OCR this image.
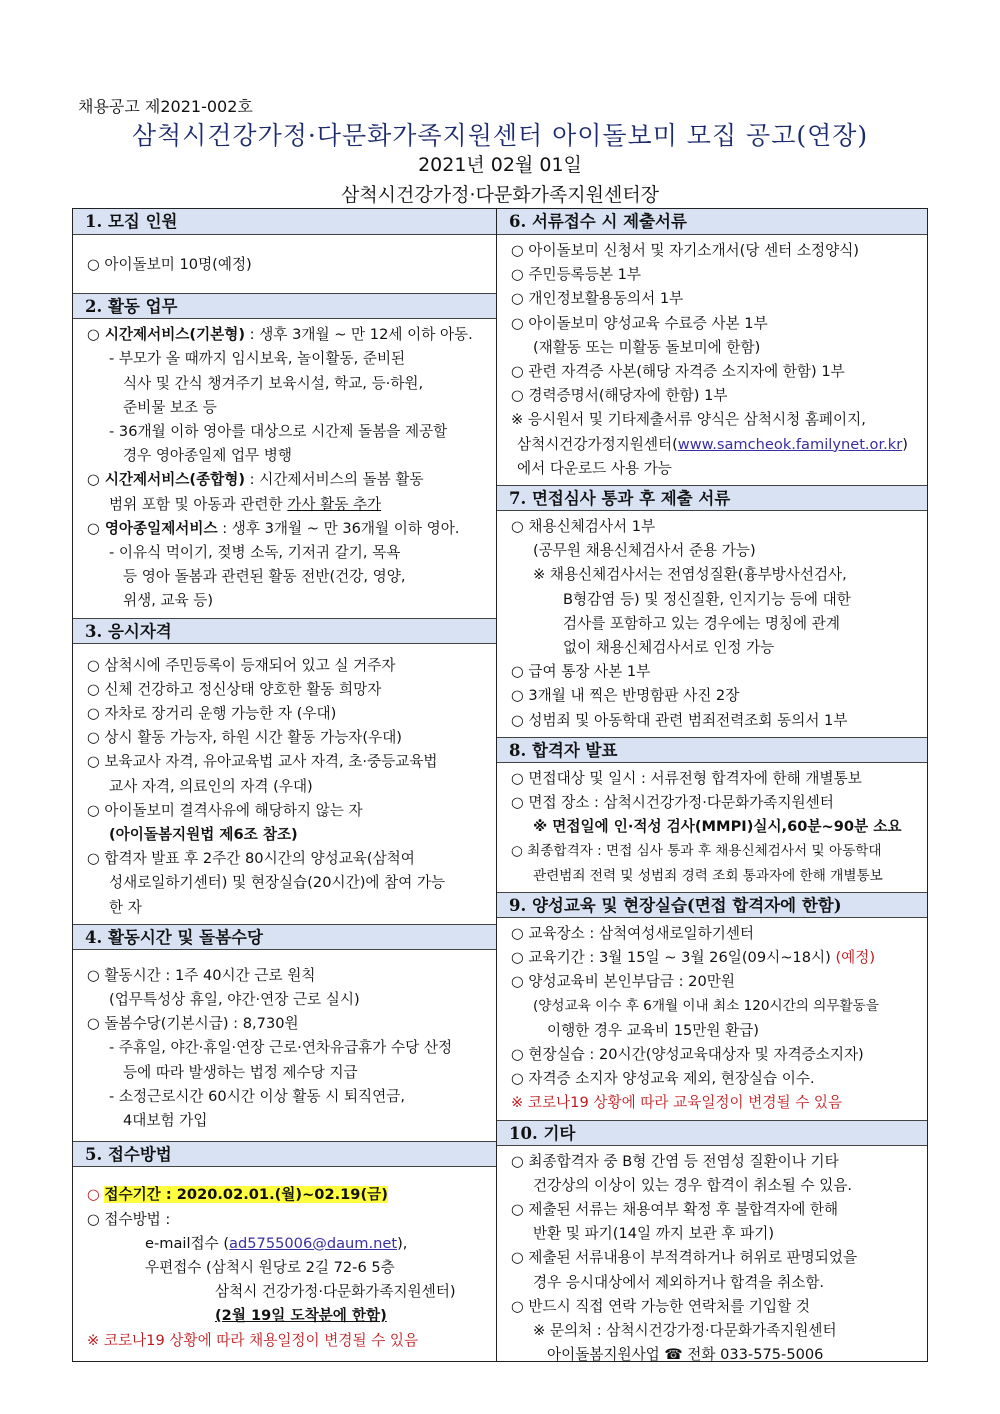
채용공고 제2021-002호
삼척시건강가정·다문화가족지원센터 아이돌보미 모집 공고(연장)
2021년 02월 01일
삼척시건강가정·다문화가족지원센터장
1. 모집 인원
○ 아이돌보미 10명(예정)
2. 활동 업무
○ 시간제서비스(기본형) : 생후 3개월 ~ 만 12세 이하 아동.
- 부모가 올 때까지 임시보육, 놀이활동, 준비된
식사 및 간식 챙겨주기 보육시설, 학교, 등·하원,
준비물 보조 등
- 36개월 이하 영아를 대상으로 시간제 돌봄을 제공할
경우 영아종일제 업무 병행
○ 시간제서비스(종합형) : 시간제서비스의 돌봄 활동
범위 포함 및 아동과 관련한 가사 활동 추가
○ 영아종일제서비스 : 생후 3개월 ~ 만 36개월 이하 영아.
- 이유식 먹이기, 젖병 소독, 기저귀 갈기, 목욕
등 영아 돌봄과 관련된 활동 전반(건강, 영양,
위생, 교육 등)
3. 응시자격
○ 삼척시에 주민등록이 등재되어 있고 실 거주자
○ 신체 건강하고 정신상태 양호한 활동 희망자
○ 자차로 장거리 운행 가능한 자 (우대)
○ 상시 활동 가능자, 하원 시간 활동 가능자(우대)
○ 보육교사 자격, 유아교육법 교사 자격, 초·중등교육법
교사 자격, 의료인의 자격 (우대)
○ 아이돌보미 결격사유에 해당하지 않는 자
(아이돌봄지원법 제6조 참조)
○ 합격자 발표 후 2주간 80시간의 양성교육(삼척여
성새로일하기센터) 및 현장실습(20시간)에 참여 가능
한 자
4. 활동시간 및 돌봄수당
○ 활동시간 : 1주 40시간 근로 원칙
(업무특성상 휴일, 야간·연장 근로 실시)
○ 돌봄수당(기본시급) : 8,730원
- 주휴일, 야간·휴일·연장 근로·연차유급휴가 수당 산정
등에 따라 발생하는 법정 제수당 지급
- 소정근로시간 60시간 이상 활동 시 퇴직연금,
4대보험 가입
5. 접수방법
○ 접수기간 : 2020.02.01.(월)~02.19(금)
○ 접수방법 :
e-mail접수 (ad5755006@daum.net),
우편접수 (삼척시 원당로 2길 72-6 5층
삼척시 건강가정·다문화가족지원센터)
(2월 19일 도착분에 한함)
※ 코로나19 상황에 따라 채용일정이 변경될 수 있음
6. 서류접수 시 제출서류
○ 아이돌보미 신청서 및 자기소개서(당 센터 소정양식)
○ 주민등록등본 1부
○ 개인정보활용동의서 1부
○ 아이돌보미 양성교육 수료증 사본 1부
(재활동 또는 미활동 돌보미에 한함)
○ 관련 자격증 사본(해당 자격증 소지자에 한함) 1부
○ 경력증명서(해당자에 한함) 1부
※ 응시원서 및 기타제출서류 양식은 삼척시청 홈페이지,
삼척시건강가정지원센터(www.samcheok.familynet.or.kr)
에서 다운로드 사용 가능
7. 면접심사 통과 후 제출 서류
○ 채용신체검사서 1부
(공무원 채용신체검사서 준용 가능)
※ 채용신체검사서는 전염성질환(흉부방사선검사,
B형감염 등) 및 정신질환, 인지기능 등에 대한
검사를 포함하고 있는 경우에는 명칭에 관계
없이 채용신체검사서로 인정 가능
○ 급여 통장 사본 1부
○ 3개월 내 찍은 반명함판 사진 2장
○ 성범죄 및 아동학대 관련 범죄전력조회 동의서 1부
8. 합격자 발표
○ 면접대상 및 일시 : 서류전형 합격자에 한해 개별통보
○ 면접 장소 : 삼척시건강가정·다문화가족지원센터
※ 면접일에 인·적성 검사(MMPI)실시,60분~90분 소요
○ 최종합격자 : 면접 심사 통과 후 채용신체검사서 및 아동학대
관련범죄 전력 및 성범죄 경력 조회 통과자에 한해 개별통보
9. 양성교육 및 현장실습(면접 합격자에 한함)
○ 교육장소 : 삼척여성새로일하기센터
○ 교육기간 : 3월 15일 ~ 3월 26일(09시~18시) (예정)
○ 양성교육비 본인부담금 : 20만원
(양성교육 이수 후 6개월 이내 최소 120시간의 의무활동을
이행한 경우 교육비 15만원 환급)
○ 현장실습 : 20시간(양성교육대상자 및 자격증소지자)
○ 자격증 소지자 양성교육 제외, 현장실습 이수.
※ 코로나19 상황에 따라 교육일정이 변경될 수 있음
10. 기타
○ 최종합격자 중 B형 간염 등 전염성 질환이나 기타
건강상의 이상이 있는 경우 합격이 취소될 수 있음.
○ 제출된 서류는 채용여부 확정 후 불합격자에 한해
반환 및 파기(14일 까지 보관 후 파기)
○ 제출된 서류내용이 부적격하거나 허위로 판명되었을
경우 응시대상에서 제외하거나 합격을 취소함.
○ 반드시 직접 연락 가능한 연락처를 기입할 것
※ 문의처 : 삼척시건강가정·다문화가족지원센터
아이돌봄지원사업 ☎ 전화 033-575-5006
